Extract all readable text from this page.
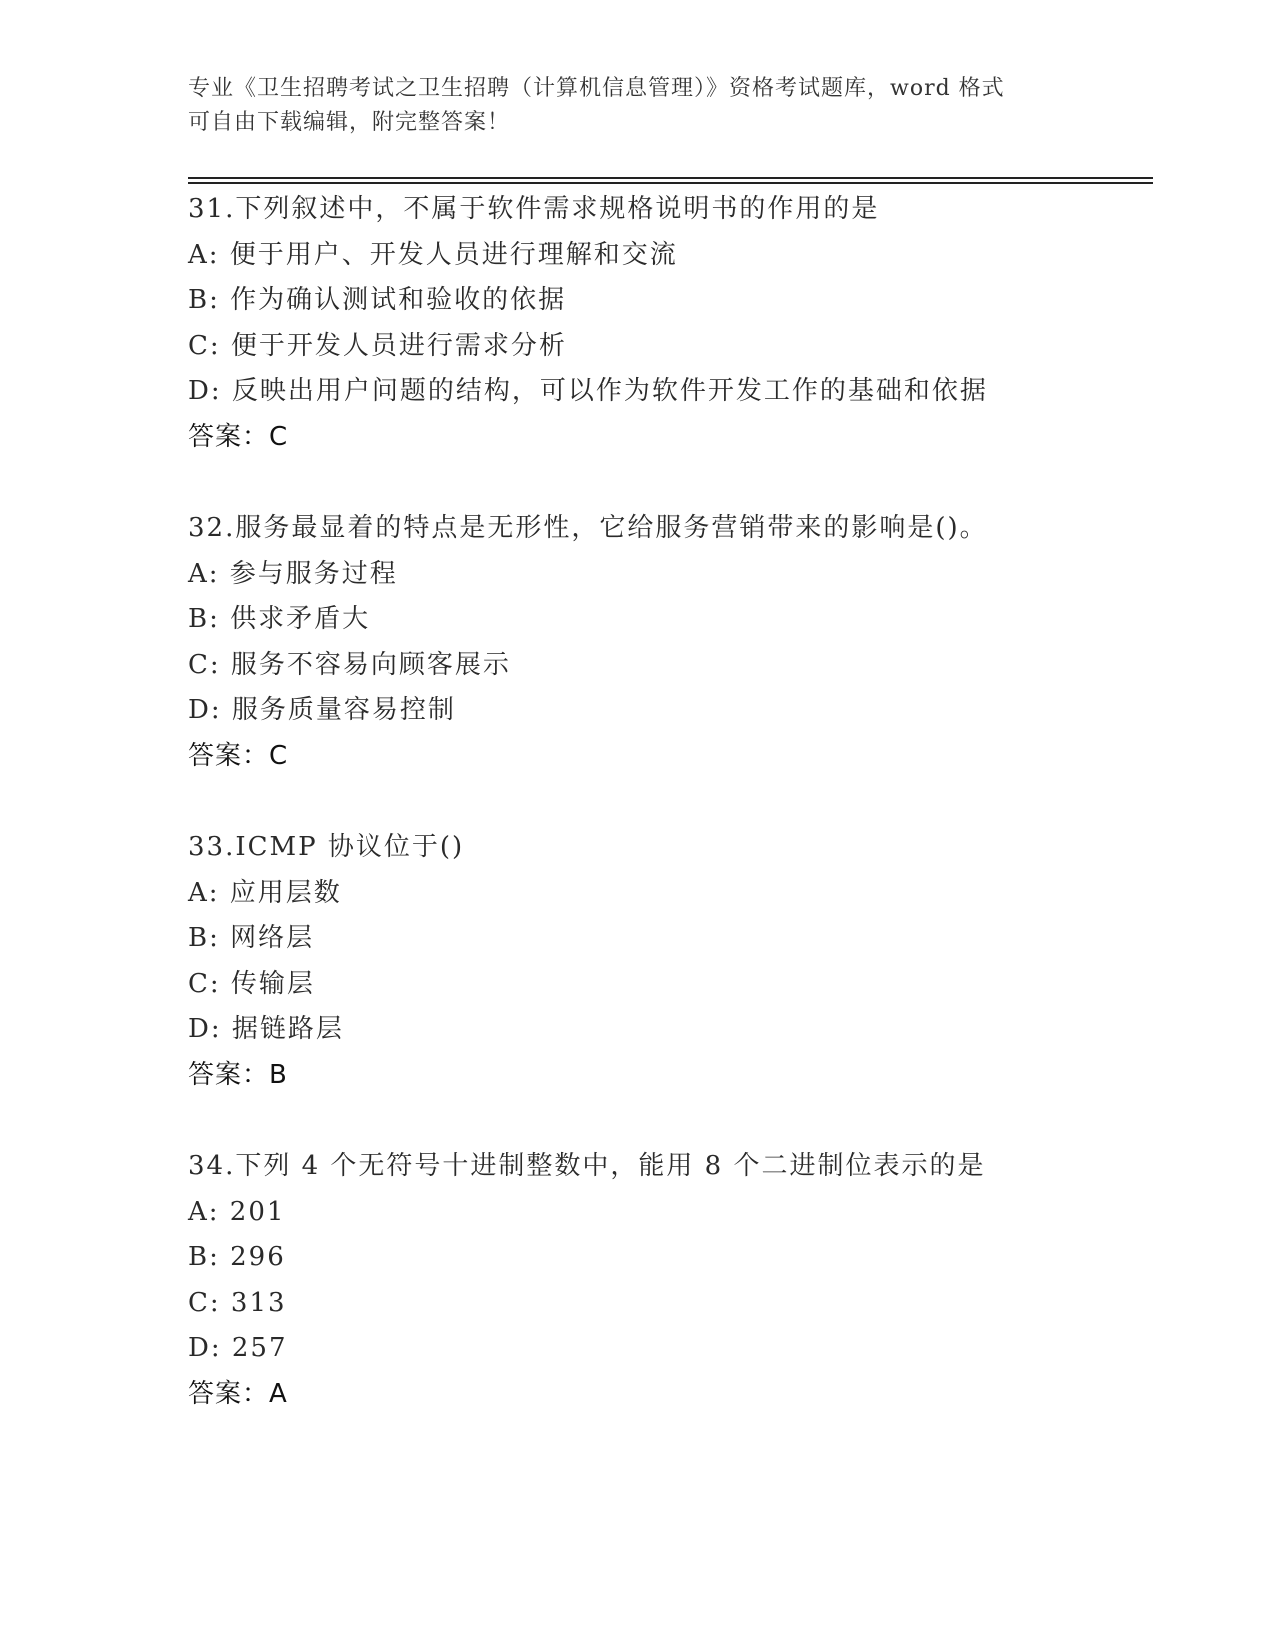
专业《卫生招聘考试之卫生招聘（计算机信息管理）》资格考试题库，word 格式
可自由下载编辑，附完整答案！
31.下列叙述中，不属于软件需求规格说明书的作用的是
A: 便于用户、开发人员进行理解和交流
B: 作为确认测试和验收的依据
C: 便于开发人员进行需求分析
D: 反映出用户问题的结构，可以作为软件开发工作的基础和依据
答案：C
32.服务最显着的特点是无形性，它给服务营销带来的影响是()。
A: 参与服务过程
B: 供求矛盾大
C: 服务不容易向顾客展示
D: 服务质量容易控制
答案：C
33.ICMP 协议位于()
A: 应用层数
B: 网络层
C: 传输层
D: 据链路层
答案：B
34.下列 4 个无符号十进制整数中，能用 8 个二进制位表示的是
A: 201
B: 296
C: 313
D: 257
答案：A
